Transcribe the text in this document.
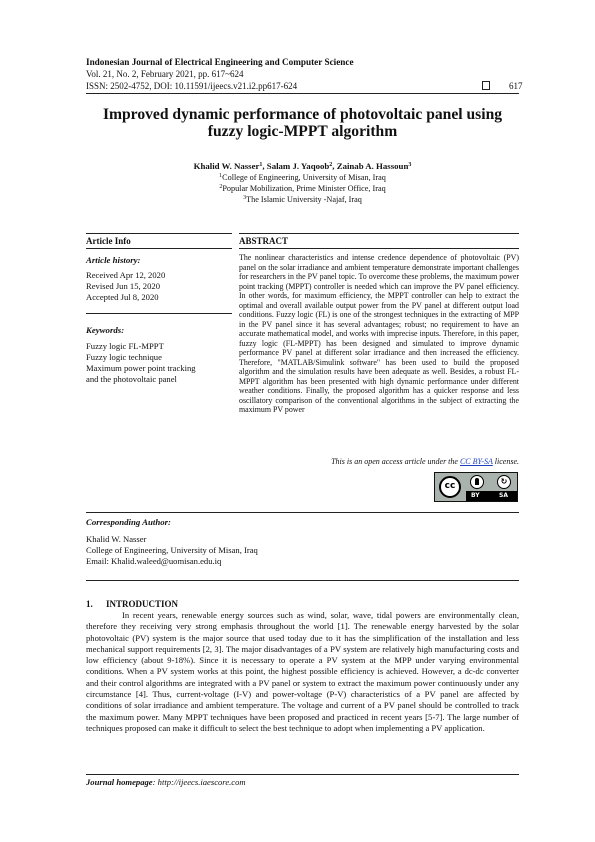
Indonesian Journal of Electrical Engineering and Computer Science
Vol. 21, No. 2, February 2021, pp. 617~624
ISSN: 2502-4752, DOI: 10.11591/ijeecs.v21.i2.pp617-624	617
Improved dynamic performance of photovoltaic panel using
fuzzy logic-MPPT algorithm
Khalid W. Nasser$^1$, Salam J. Yaqoob$^2$, Zainab A. Hassoun$^3$
$^1$College of Engineering, University of Misan, Iraq
$^2$Popular Mobilization, Prime Minister Office, Iraq
$^3$The Islamic University -Najaf, Iraq
Article Info	ABSTRACT
Article history:
Received Apr 12, 2020
Revised Jun 15, 2020
Accepted Jul 8, 2020
Keywords:
Fuzzy logic FL-MPPT
Fuzzy logic technique
Maximum power point tracking
and the photovoltaic panel
The nonlinear characteristics and intense credence dependence of photovoltaic (PV) panel on the solar irradiance and ambient temperature demonstrate important challenges for researchers in the PV panel topic. To overcome these problems, the maximum power point tracking (MPPT) controller is needed which can improve the PV panel efficiency. In other words, for maximum efficiency, the MPPT controller can help to extract the optimal and overall available output power from the PV panel at different output load conditions. Fuzzy logic (FL) is one of the strongest techniques in the extracting of MPP in the PV panel since it has several advantages; robust; no requirement to have an accurate mathematical model, and works with imprecise inputs. Therefore, in this paper, fuzzy logic (FL-MPPT) has been designed and simulated to improve dynamic performance PV panel at different solar irradiance and then increased the efficiency. Therefore, "MATLAB/Simulink software" has been used to build the proposed algorithm and the simulation results have been adequate as well. Besides, a robust FL-MPPT algorithm has been presented with high dynamic performance under different weather conditions. Finally, the proposed algorithm has a quicker response and less oscillatory comparison of the conventional algorithms in the subject of extracting the maximum PV power
This is an open access article under the CC BY-SA license.
cc	↻
BY	SA
Corresponding Author:
Khalid W. Nasser
College of Engineering, University of Misan, Iraq
Email: Khalid.waleed@uomisan.edu.iq
1. INTRODUCTION
In recent years, renewable energy sources such as wind, solar, wave, tidal powers are environmentally clean, therefore they receiving very strong emphasis throughout the world [1]. The renewable energy harvested by the solar photovoltaic (PV) system is the major source that used today due to it has the simplification of the installation and less mechanical support requirements [2, 3]. The major disadvantages of a PV system are relatively high manufacturing costs and low efficiency (about 9-18%). Since it is necessary to operate a PV system at the MPP under varying environmental conditions. When a PV system works at this point, the highest possible efficiency is achieved. However, a dc-dc converter and their control algorithms are integrated with a PV panel or system to extract the maximum power continuously under any circumstance [4]. Thus, current-voltage (I-V) and power-voltage (P-V) characteristics of a PV panel are affected by conditions of solar irradiance and ambient temperature. The voltage and current of a PV panel should be controlled to track the maximum power. Many MPPT techniques have been proposed and practiced in recent years [5-7]. The large number of techniques proposed can make it difficult to select the best technique to adopt when implementing a PV application.
Journal homepage: http://ijeecs.iaescore.com
